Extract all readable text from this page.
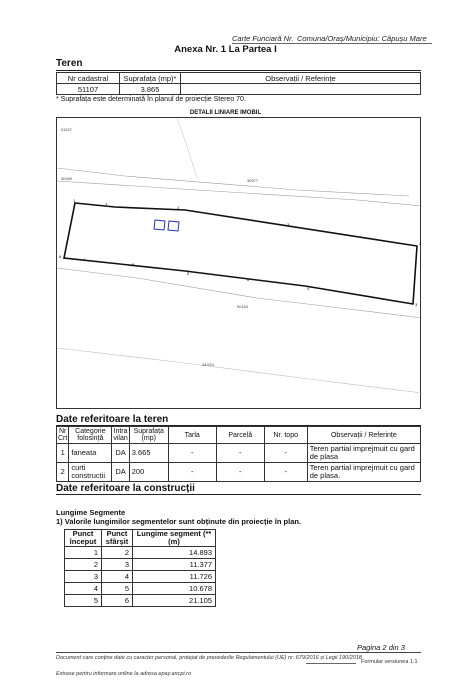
Carte Funciară Nr. Comuna/Oraș/Municipiu: Căpușu Mare
Anexa Nr. 1 La Partea I
Teren
Nr cadastral	Suprafața (mp)*	Observații / Referințe
51107	3.865	
* Suprafața este determinată în planul de proiecție Stereo 70.
DETALII LINIARE IMOBIL
51157
30490	30977
50163
34/201
1
2
3
4
5
6
1
2
3
4
5
6
Date referitoare la teren
Nr Crt	Categorie folosință	Intra vilan	Suprafața (mp)	Tarla	Parcelă	Nr. topo	Observații / Referințe
1	faneata	DA	3.665	-	-	-	Teren partial imprejmuit cu gard de plasa
2	curti constructii	DA	200	-	-	-	Teren partial imprejmuit cu gard de plasa.
Date referitoare la construcții
Lungime Segmente
1) Valorile lungimilor segmentelor sunt obținute din proiecție în plan.
Punct început	Punct sfârșit	Lungime segment (** (m)
1	2	14.893
2	3	11.377
3	4	11.726
4	5	10.678
5	6	21.105
Pagina 2 din 3
Document care conține date cu caracter personal, protejat de prevederile Regulamentului (UE) nr. 679/2016 și Legii 190/2018
Formular versiunea 1.1
Extrase pentru informare online la adresa epay.ancpi.ro
